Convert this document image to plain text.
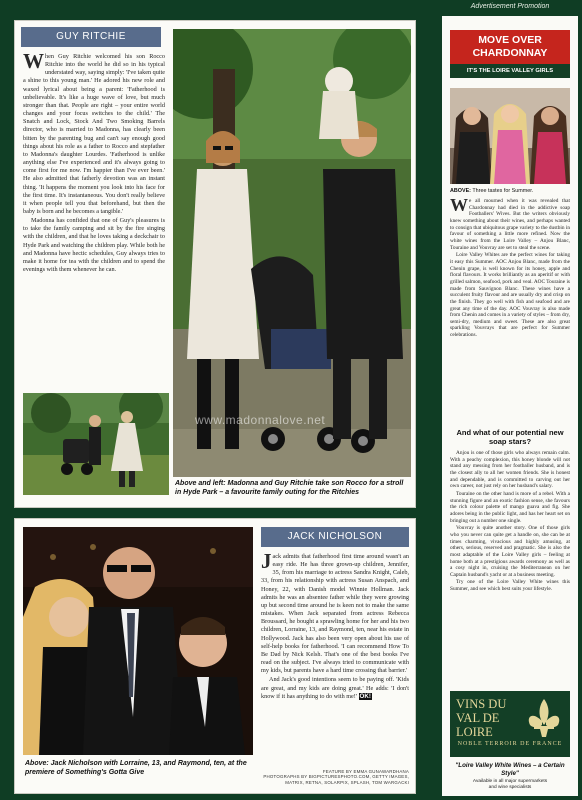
GUY RITCHIE

When Guy Ritchie welcomed his son Rocco Ritchie into the world he did so in his typical understated way, saying simply: 'I've taken quite a shine to this young man.' He adored his new role and waxed lyrical about being a parent: 'Fatherhood is unbelievable. It's like a huge wave of love, but much stronger than that. People are right – your entire world changes and your focus switches to the child.' The Snatch and Lock, Stock And Two Smoking Barrels director, who is married to Madonna, has clearly been bitten by the parenting bug and can't say enough good things about his role as a father to Rocco and stepfather to Madonna's daughter Lourdes. 'Fatherhood is unlike anything else I've experienced and it's always going to come first for me now. I'm happier than I've ever been.' He also admitted that fatherly devotion was an instant thing. 'It happens the moment you look into his face for the first time. It's instantaneous. You don't really believe it when people tell you that beforehand, but then the baby is born and he becomes a tangible.'

Madonna has confided that one of Guy's pleasures is to take the family camping and sit by the fire singing with the children, and that he loves taking a deckchair to Hyde Park and watching the children play. While both he and Madonna have hectic schedules, Guy always tries to make it home for tea with the children and to spend the evenings with them whenever he can.

www.madonnalove.net
Above and left: Madonna and Guy Ritchie take son Rocco for a stroll in Hyde Park – a favourite family outing for the Ritchies
JACK NICHOLSON

Jack admits that fatherhood first time around wasn't an easy ride. He has three grown-up children, Jennifer, 35, from his marriage to actress Sandra Knight, Caleb, 33, from his relationship with actress Susan Anspach, and Honey, 22, with Danish model Winnie Hollman. Jack admits he was an absentee father while they were growing up but second time around he is keen not to make the same mistakes. When Jack separated from actress Rebecca Broussard, he bought a sprawling home for her and his two children, Lorraine, 13, and Raymond, ten, near his estate in Hollywood. Jack has also been very open about his use of self-help books for fatherhood. 'I can recommend How To Be Dad by Nick Kelsh. That's one of the best books I've read on the subject. I've always tried to communicate with my kids, but parents have a hard time crossing that barrier.'

And Jack's good intentions seem to be paying off. 'Kids are great, and my kids are doing great.' He adds: 'I don't know if it has anything to do with me!' OK!

FEATURE BY EMMA GUNAWARDHANA
PHOTOGRAPHS BY BIGPICTURESPHOTO.COM, GETTY IMAGES,
MATRIX, RETNA, SOLARPIX, SPLASH, TOM WARGACKI
Above: Jack Nicholson with Lorraine, 13, and Raymond, ten, at the premiere of Something's Gotta Give
Advertisement Promotion
MOVE OVER
CHARDONNAY
IT'S THE LOIRE VALLEY GIRLS
ABOVE: Three tastes for Summer.

We all mourned when it was revealed that Chardonnay had died in the addictive soap Footballers' Wives. But the writers obviously knew something about their wines, and perhaps wanted to consign that ubiquitous grape variety to the dustbin in favour of something a little more refined. Now the white wines from the Loire Valley – Anjou Blanc, Touraine and Vouvray are set to steal the scene.

Loire Valley Whites are the perfect wines for taking it easy this Summer. AOC Anjou Blanc, made from the Chenin grape, is well known for its honey, apple and floral flavours. It works brilliantly as an aperitif or with grilled salmon, seafood, pork and veal. AOC Touraine is made from Sauvignon Blanc. These wines have a succulent fruity flavour and are usually dry and crisp on the finish. They go well with fish and seafood and are great any time of the day. AOC Vouvray is also made from Chenin and comes in a variety of styles – from dry, semi-dry, medium and sweet. These are also great sparkling Vouvrays that are perfect for Summer celebrations.

And what of our potential new soap stars?

Anjou is one of those girls who always remain calm. With a peachy complexion, this honey blonde will not stand any messing from her footballer husband, and is the closest ally to all her women friends. She is honest and dependable, and is committed to carving out her own career, not just rely on her husband's salary.

Touraine on the other hand is more of a rebel. With a stunning figure and an exotic fashion sense, she favours the rich colour palette of mango guava and fig. She adores being in the public light, and has her heart set on bringing out a number one single.

Vouvray is quite another story. One of those girls who you never can quite get a handle on, she can be at times charming, vivacious and highly amusing, at others, serious, reserved and pragmatic. She is also the most adaptable of the Loire Valley girls – feeling at home both at a prestigious awards ceremony as well as a cosy night in, cruising the Mediterranean on her Captain husband's yacht or at a business meeting.

Try one of the Loire Valley White wines this Summer, and see which best suits your lifestyle.

VINS DU
VAL DE
LOIRE
NOBLE TERROIR DE FRANCE
"Loire Valley White Wines – a Certain Style"
Available in all major supermarkets
and wine specialists
